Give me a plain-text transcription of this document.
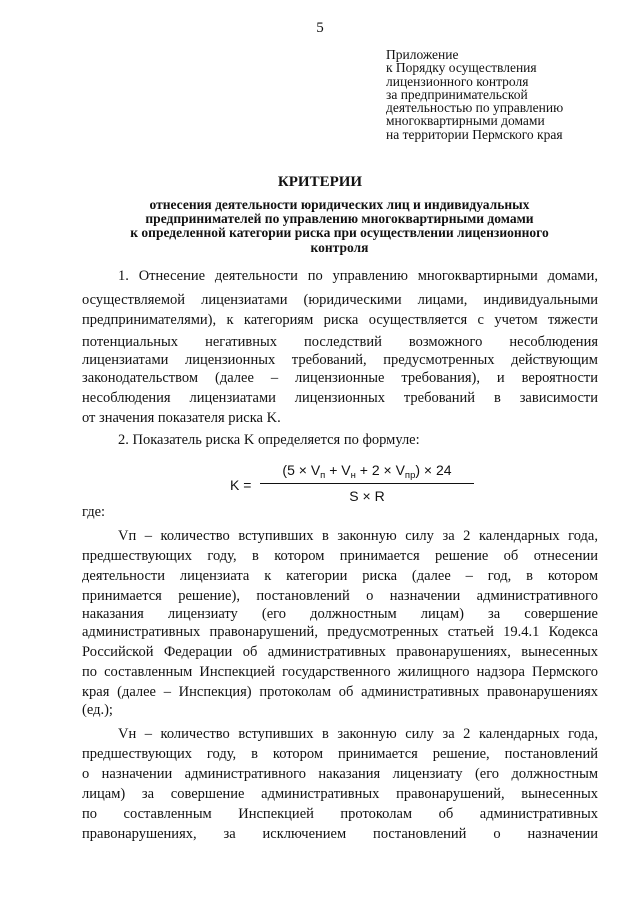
5
Приложение
к Порядку осуществления
лицензионного контроля
за предпринимательской
деятельностью по управлению
многоквартирными домами
на территории Пермского края
КРИТЕРИИ
отнесения деятельности юридических лиц и индивидуальных
предпринимателей по управлению многоквартирными домами
к определенной категории риска при осуществлении лицензионного
контроля
1. Отнесение деятельности по управлению многоквартирными домами,
осуществляемой лицензиатами (юридическими лицами, индивидуальными
предпринимателями), к категориям риска осуществляется с учетом тяжести
потенциальных негативных последствий возможного несоблюдения
лицензиатами лицензионных требований, предусмотренных действующим
законодательством (далее – лицензионные требования), и вероятности
несоблюдения лицензиатами лицензионных требований в зависимости
от значения показателя риска K.
2. Показатель риска K определяется по формуле:
K =
$(5 \times V_п + V_н + 2 \times V_{пр}) \times 24$
S × R
где:
Vп – количество вступивших в законную силу за 2 календарных года,
предшествующих году, в котором принимается решение об отнесении
деятельности лицензиата к категории риска (далее – год, в котором
принимается решение), постановлений о назначении административного
наказания лицензиату (его должностным лицам) за совершение
административных правонарушений, предусмотренных статьей 19.4.1 Кодекса
Российской Федерации об административных правонарушениях, вынесенных
по составленным Инспекцией государственного жилищного надзора Пермского
края (далее – Инспекция) протоколам об административных правонарушениях
(ед.);
Vн – количество вступивших в законную силу за 2 календарных года,
предшествующих году, в котором принимается решение, постановлений
о назначении административного наказания лицензиату (его должностным
лицам) за совершение административных правонарушений, вынесенных
по составленным Инспекцией протоколам об административных
правонарушениях, за исключением постановлений о назначении
